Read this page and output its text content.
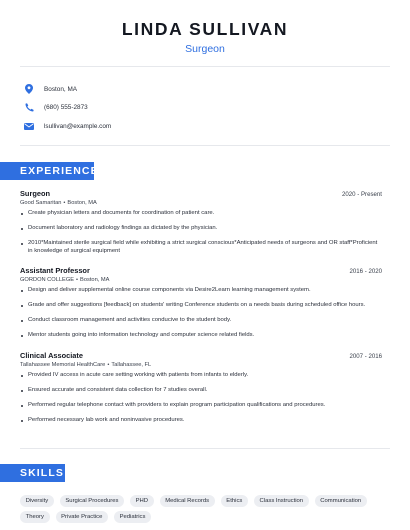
LINDA SULLIVAN
Surgeon
Boston, MA
(680) 555-2873
lsullivan@example.com
EXPERIENCE
Surgeon	2020 - Present
Good Samaritan • Boston, MA
Create physician letters and documents for coordination of patient care.
Document laboratory and radiology findings as dictated by the physician.
2010*Maintained sterile surgical field while exhibiting a strict surgical conscious*Anticipated needs of surgeons and OR staff*Proficient in knowledge of surgical equipment
Assistant Professor	2016 - 2020
GORDON COLLEGE • Boston, MA
Design and deliver supplemental online course components via Desire2Learn learning management system.
Grade and offer suggestions [feedback] on students' writing Conference students on a needs basis during scheduled office hours.
Conduct classroom management and activities conducive to the student body.
Mentor students going into information technology and computer science related fields.
Clinical Associate	2007 - 2016
Tallahassee Memorial HealthCare • Tallahassee, FL
Provided IV access in acute care setting working with patients from infants to elderly.
Ensured accurate and consistent data collection for 7 studies overall.
Performed regular telephone contact with providers to explain program participation qualifications and procedures.
Performed necessary lab work and noninvasive procedures.
SKILLS
Diversity	Surgical Procedures	PHD	Medical Records	Ethics	Class Instruction	Communication
Theory	Private Practice	Pediatrics
